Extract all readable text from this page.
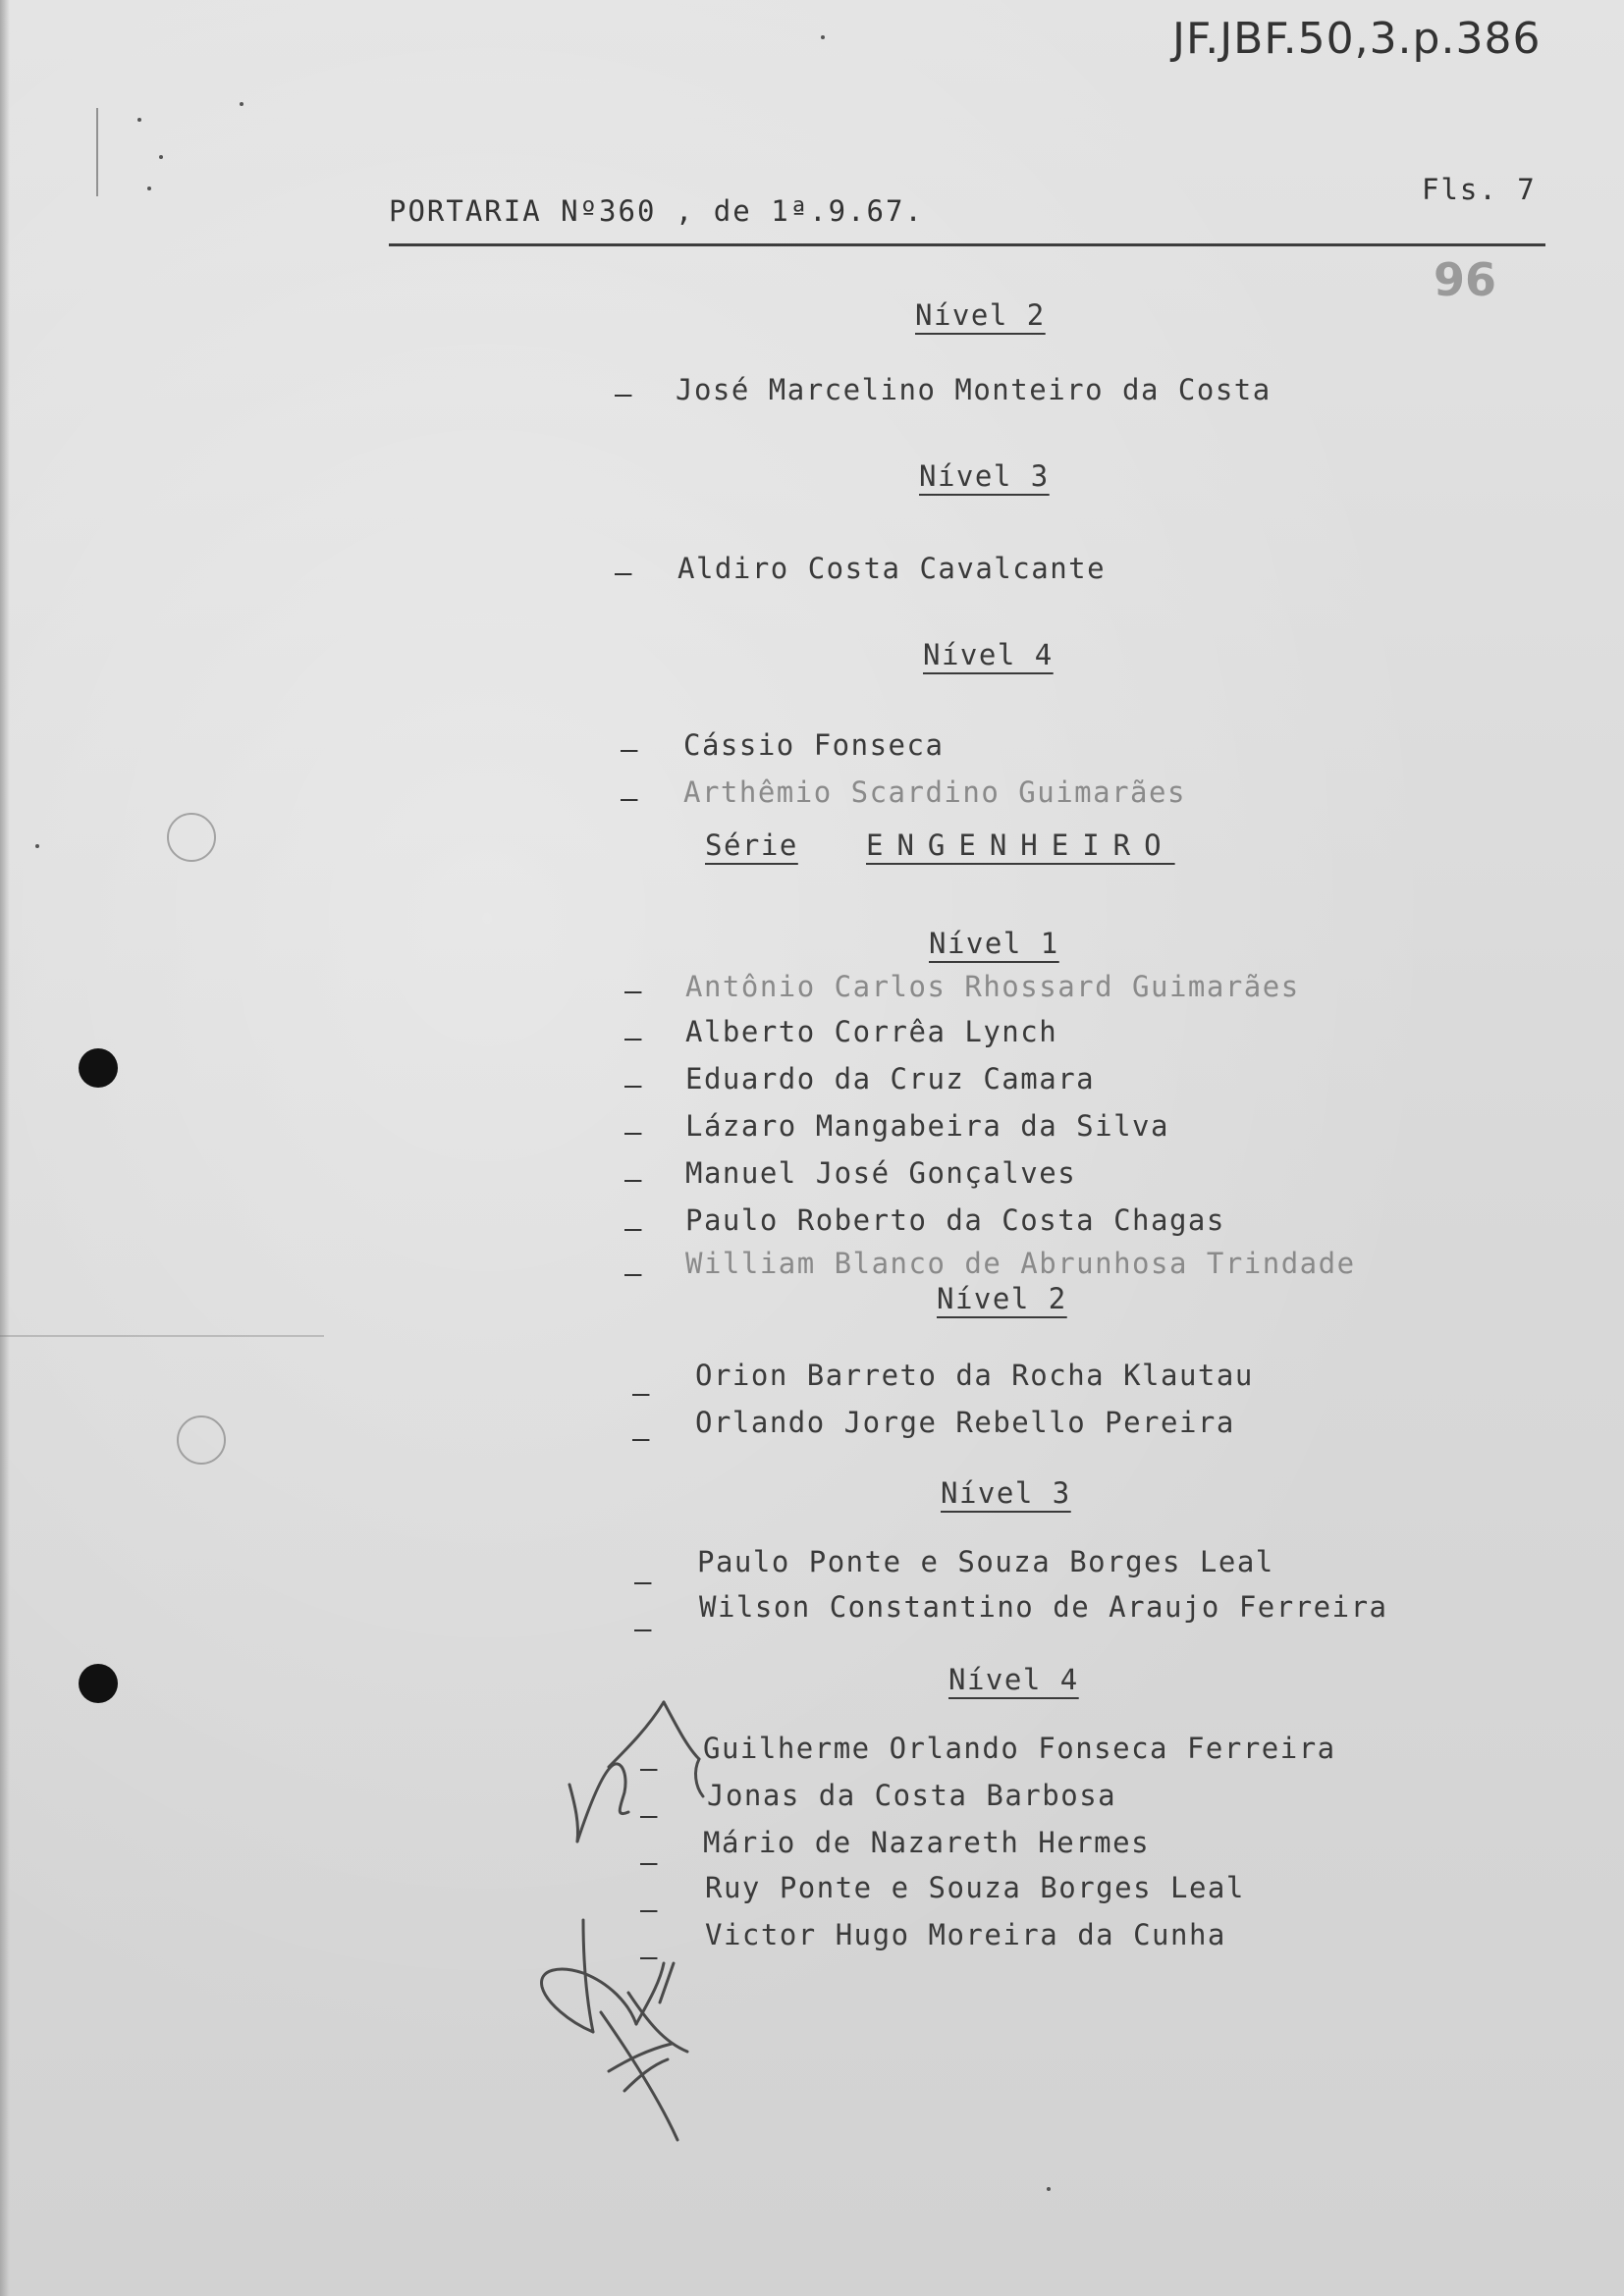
JF.JBF.50,3.p.386
96
PORTARIA Nº360 , de 1ª.9.67.
Fls. 7
Nível 2
– José Marcelino Monteiro da Costa
Nível 3
– Aldiro Costa Cavalcante
Nível 4
– Cássio Fonseca
– Arthêmio Scardino Guimarães
Série ENGENHEIRO
Nível 1
– Antônio Carlos Rhossard Guimarães
– Alberto Corrêa Lynch
– Eduardo da Cruz Camara
– Lázaro Mangabeira da Silva
– Manuel José Gonçalves
– Paulo Roberto da Costa Chagas
– William Blanco de Abrunhosa Trindade
Nível 2
–
Orion Barreto da Rocha Klautau
– Orlando Jorge Rebello Pereira
Nível 3
–
Paulo Ponte e Souza Borges Leal
–
Wilson Constantino de Araujo Ferreira
Nível 4
–
Guilherme Orlando Fonseca Ferreira
–
Jonas da Costa Barbosa
–
Mário de Nazareth Hermes
–
Ruy Ponte e Souza Borges Leal
–
Victor Hugo Moreira da Cunha
